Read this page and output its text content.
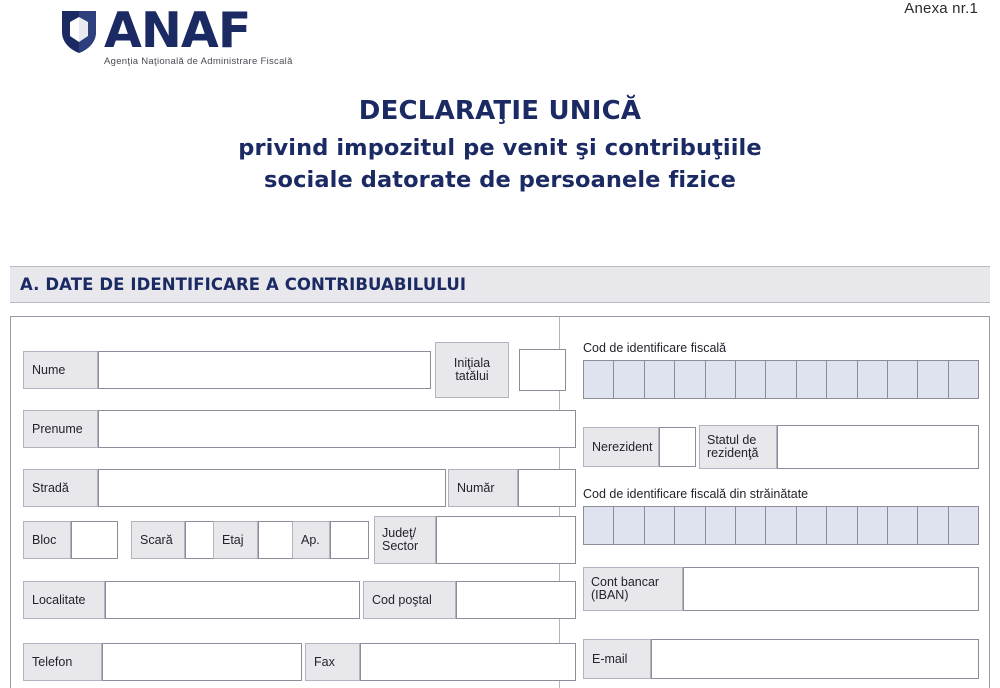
Anexa nr.1
ANAF
Agenţia Naţională de Administrare Fiscală
DECLARAŢIE UNICĂ
privind impozitul pe venit şi contribuţiile
sociale datorate de persoanele fizice
A. DATE DE IDENTIFICARE A CONTRIBUABILULUI
Nume	Iniţiala
tatălui
Prenume
Stradă	Număr
Bloc	Scară	Etaj	Ap.	Judeţ/
Sector
Localitate	Cod poştal
Telefon	Fax
Cod de identificare fiscală
Nerezident	Statul de
rezidenţă
Cod de identificare fiscală din străinătate
Cont bancar
(IBAN)
E-mail
